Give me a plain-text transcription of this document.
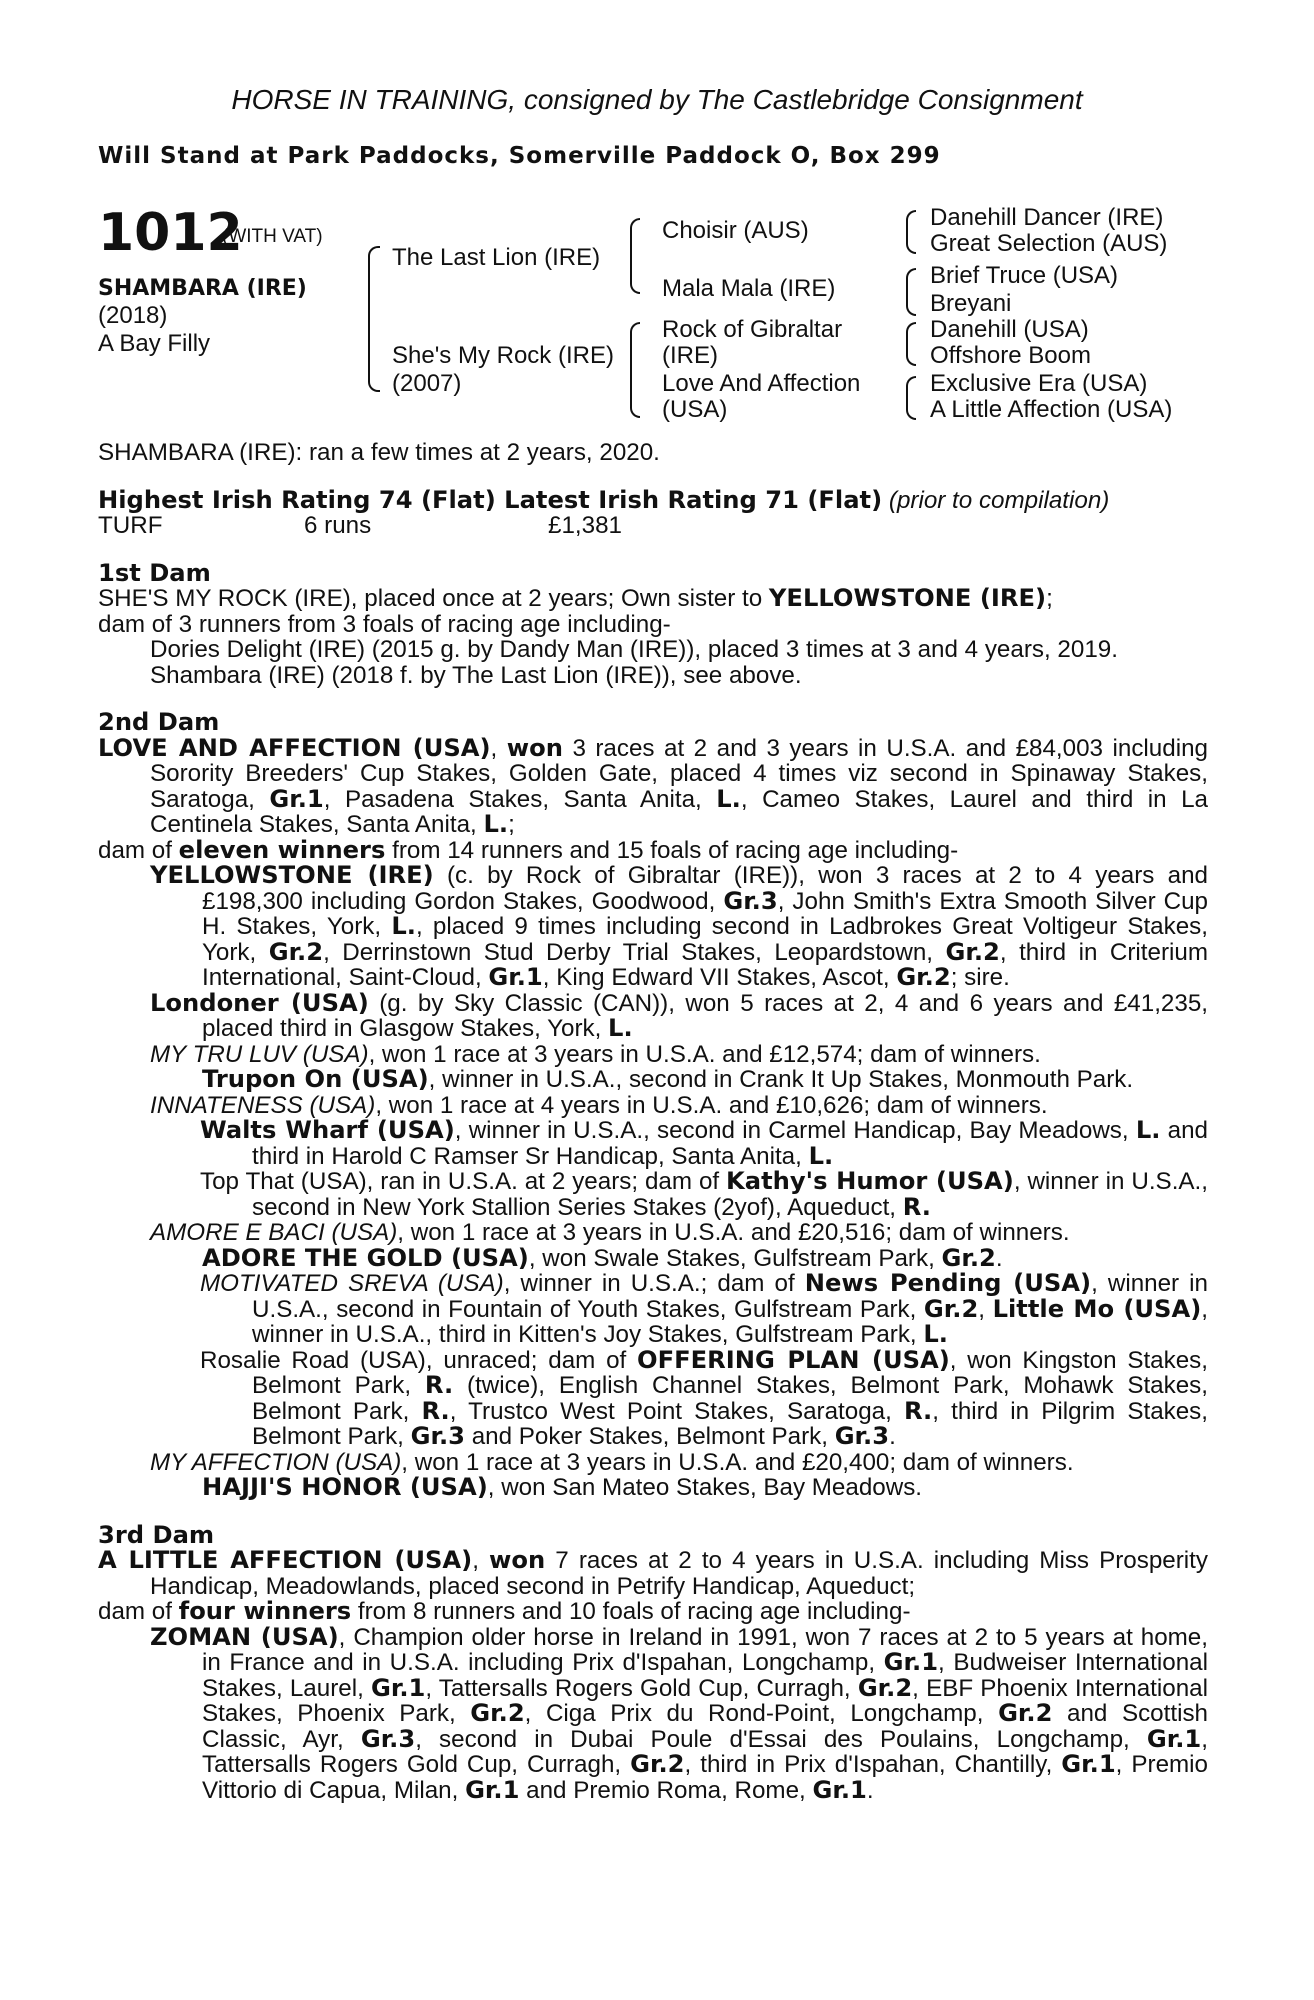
HORSE IN TRAINING, consigned by The Castlebridge Consignment
Will Stand at Park Paddocks, Somerville Paddock O, Box 299
1012
(WITH VAT)
SHAMBARA (IRE)
(2018)
A Bay Filly
The Last Lion (IRE)
She's My Rock (IRE)
(2007)
Choisir (AUS)
Mala Mala (IRE)
Rock of Gibraltar
(IRE)
Love And Affection
(USA)
Danehill Dancer (IRE)
Great Selection (AUS)
Brief Truce (USA)
Breyani
Danehill (USA)
Offshore Boom
Exclusive Era (USA)
A Little Affection (USA)

SHAMBARA (IRE): ran a few times at 2 years, 2020.

Highest Irish Rating 74 (Flat) Latest Irish Rating 71 (Flat) (prior to compilation)

TURF	6 runs	£1,381

1st Dam

SHE'S MY ROCK (IRE), placed once at 2 years; Own sister to YELLOWSTONE (IRE);

dam of 3 runners from 3 foals of racing age including-

Dories Delight (IRE) (2015 g. by Dandy Man (IRE)), placed 3 times at 3 and 4 years, 2019.

Shambara (IRE) (2018 f. by The Last Lion (IRE)), see above.

2nd Dam

LOVE AND AFFECTION (USA), won 3 races at 2 and 3 years in U.S.A. and £84,003 including Sorority Breeders' Cup Stakes, Golden Gate, placed 4 times viz second in Spinaway Stakes, Saratoga, Gr.1, Pasadena Stakes, Santa Anita, L., Cameo Stakes, Laurel and third in La Centinela Stakes, Santa Anita, L.;

dam of eleven winners from 14 runners and 15 foals of racing age including-

YELLOWSTONE (IRE) (c. by Rock of Gibraltar (IRE)), won 3 races at 2 to 4 years and £198,300 including Gordon Stakes, Goodwood, Gr.3, John Smith's Extra Smooth Silver Cup H. Stakes, York, L., placed 9 times including second in Ladbrokes Great Voltigeur Stakes, York, Gr.2, Derrinstown Stud Derby Trial Stakes, Leopardstown, Gr.2, third in Criterium International, Saint-Cloud, Gr.1, King Edward VII Stakes, Ascot, Gr.2; sire.

Londoner (USA) (g. by Sky Classic (CAN)), won 5 races at 2, 4 and 6 years and £41,235, placed third in Glasgow Stakes, York, L.

MY TRU LUV (USA), won 1 race at 3 years in U.S.A. and £12,574; dam of winners.

Trupon On (USA), winner in U.S.A., second in Crank It Up Stakes, Monmouth Park.

INNATENESS (USA), won 1 race at 4 years in U.S.A. and £10,626; dam of winners.

Walts Wharf (USA), winner in U.S.A., second in Carmel Handicap, Bay Meadows, L. and third in Harold C Ramser Sr Handicap, Santa Anita, L.

Top That (USA), ran in U.S.A. at 2 years; dam of Kathy's Humor (USA), winner in U.S.A., second in New York Stallion Series Stakes (2yof), Aqueduct, R.

AMORE E BACI (USA), won 1 race at 3 years in U.S.A. and £20,516; dam of winners.

ADORE THE GOLD (USA), won Swale Stakes, Gulfstream Park, Gr.2.

MOTIVATED SREVA (USA), winner in U.S.A.; dam of News Pending (USA), winner in U.S.A., second in Fountain of Youth Stakes, Gulfstream Park, Gr.2, Little Mo (USA), winner in U.S.A., third in Kitten's Joy Stakes, Gulfstream Park, L.

Rosalie Road (USA), unraced; dam of OFFERING PLAN (USA), won Kingston Stakes, Belmont Park, R. (twice), English Channel Stakes, Belmont Park, Mohawk Stakes, Belmont Park, R., Trustco West Point Stakes, Saratoga, R., third in Pilgrim Stakes, Belmont Park, Gr.3 and Poker Stakes, Belmont Park, Gr.3.

MY AFFECTION (USA), won 1 race at 3 years in U.S.A. and £20,400; dam of winners.

HAJJI'S HONOR (USA), won San Mateo Stakes, Bay Meadows.

3rd Dam

A LITTLE AFFECTION (USA), won 7 races at 2 to 4 years in U.S.A. including Miss Prosperity Handicap, Meadowlands, placed second in Petrify Handicap, Aqueduct;

dam of four winners from 8 runners and 10 foals of racing age including-

ZOMAN (USA), Champion older horse in Ireland in 1991, won 7 races at 2 to 5 years at home, in France and in U.S.A. including Prix d'Ispahan, Longchamp, Gr.1, Budweiser International Stakes, Laurel, Gr.1, Tattersalls Rogers Gold Cup, Curragh, Gr.2, EBF Phoenix International Stakes, Phoenix Park, Gr.2, Ciga Prix du Rond-Point, Longchamp, Gr.2 and Scottish Classic, Ayr, Gr.3, second in Dubai Poule d'Essai des Poulains, Longchamp, Gr.1, Tattersalls Rogers Gold Cup, Curragh, Gr.2, third in Prix d'Ispahan, Chantilly, Gr.1, Premio Vittorio di Capua, Milan, Gr.1 and Premio Roma, Rome, Gr.1.
